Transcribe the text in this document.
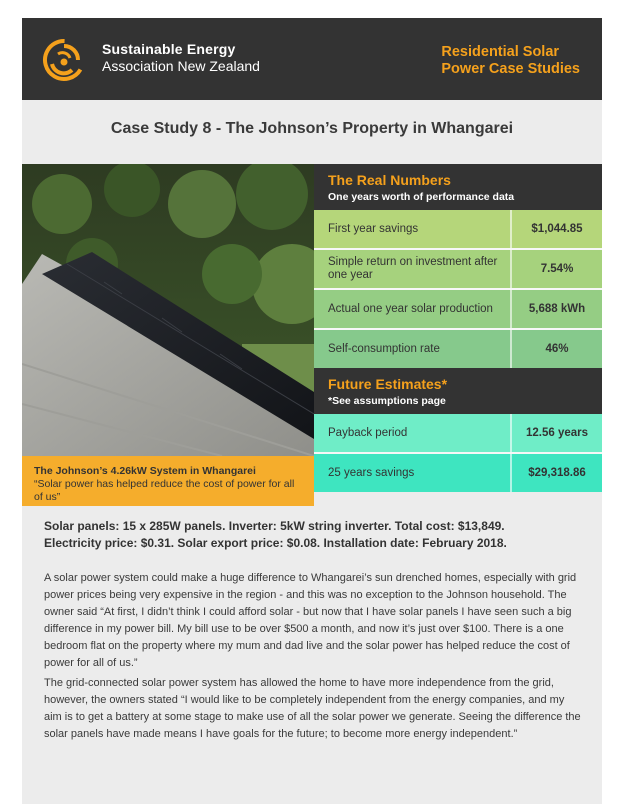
Sustainable Energy
Association New Zealand
Residential Solar
Power Case Studies
Case Study 8 - The Johnson’s Property in Whangarei
The Johnson’s 4.26kW System in Whangarei
“Solar power has helped reduce the cost of power for all of us”
The Real Numbers
One years worth of performance data
First year savings	$1,044.85
Simple return on investment after one year	7.54%
Actual one year solar production	5,688 kWh
Self-consumption rate	46%
Future Estimates*
*See assumptions page
Payback period	12.56 years
25 years savings	$29,318.86
Solar panels: 15 x 285W panels. Inverter: 5kW string inverter. Total cost: $13,849.
Electricity price: $0.31. Solar export price: $0.08. Installation date: February 2018.

A solar power system could make a huge difference to Whangarei’s sun drenched homes, especially with grid power prices being very expensive in the region - and this was no exception to the Johnson household. The owner said “At first, I didn’t think I could afford solar - but now that I have solar panels I have seen such a big difference in my power bill. My bill use to be over $500 a month, and now it’s just over $100. There is a one bedroom flat on the property where my mum and dad live and the solar power has helped reduce the cost of power for all of us.”

The grid-connected solar power system has allowed the home to have more independence from the grid, however, the owners stated “I would like to be completely independent from the energy companies, and my aim is to get a battery at some stage to make use of all the solar power we generate. Seeing the difference the solar panels have made means I have goals for the future; to become more energy independent.”
